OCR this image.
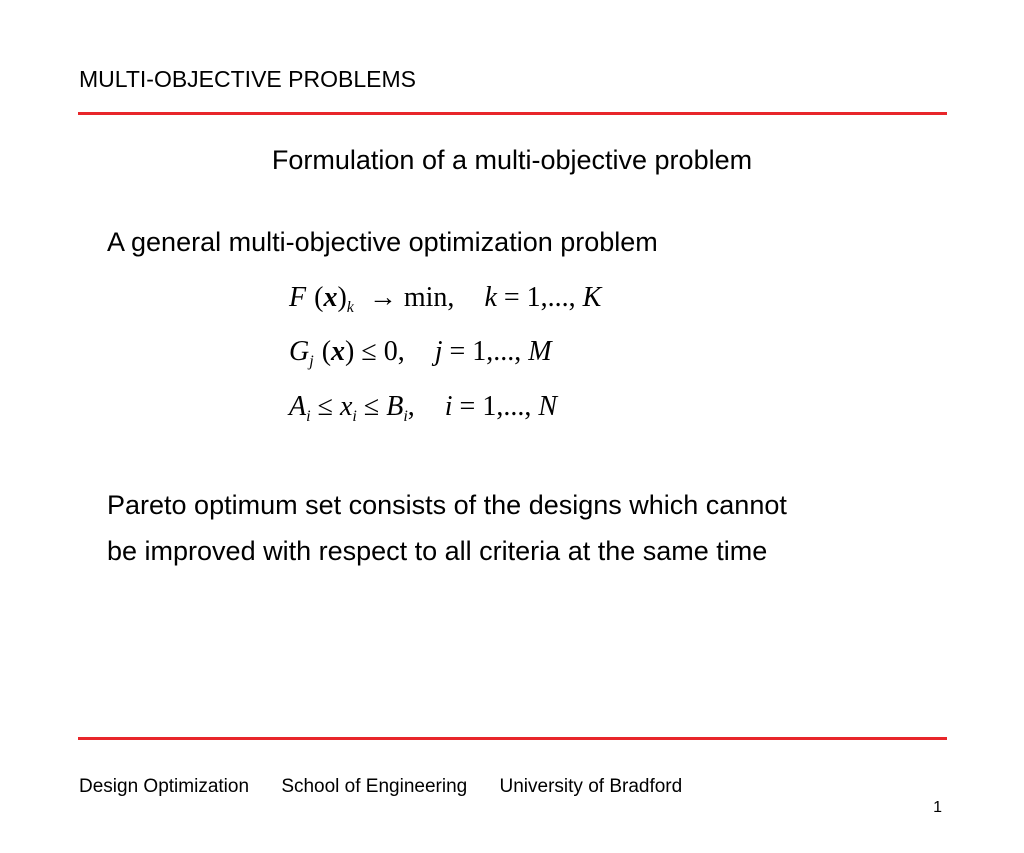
MULTI-OBJECTIVE PROBLEMS
Formulation of a multi-objective problem
A general multi-objective optimization problem
F $(x)_k \to \min$, k = 1,..., K
$G_j$ (x) ≤ 0, j = 1,..., M
$A_i \le x_i \le B_i$, i = 1,..., N
Pareto optimum set consists of the designs which cannot
be improved with respect to all criteria at the same time
Design Optimization School of Engineering University of Bradford
1
